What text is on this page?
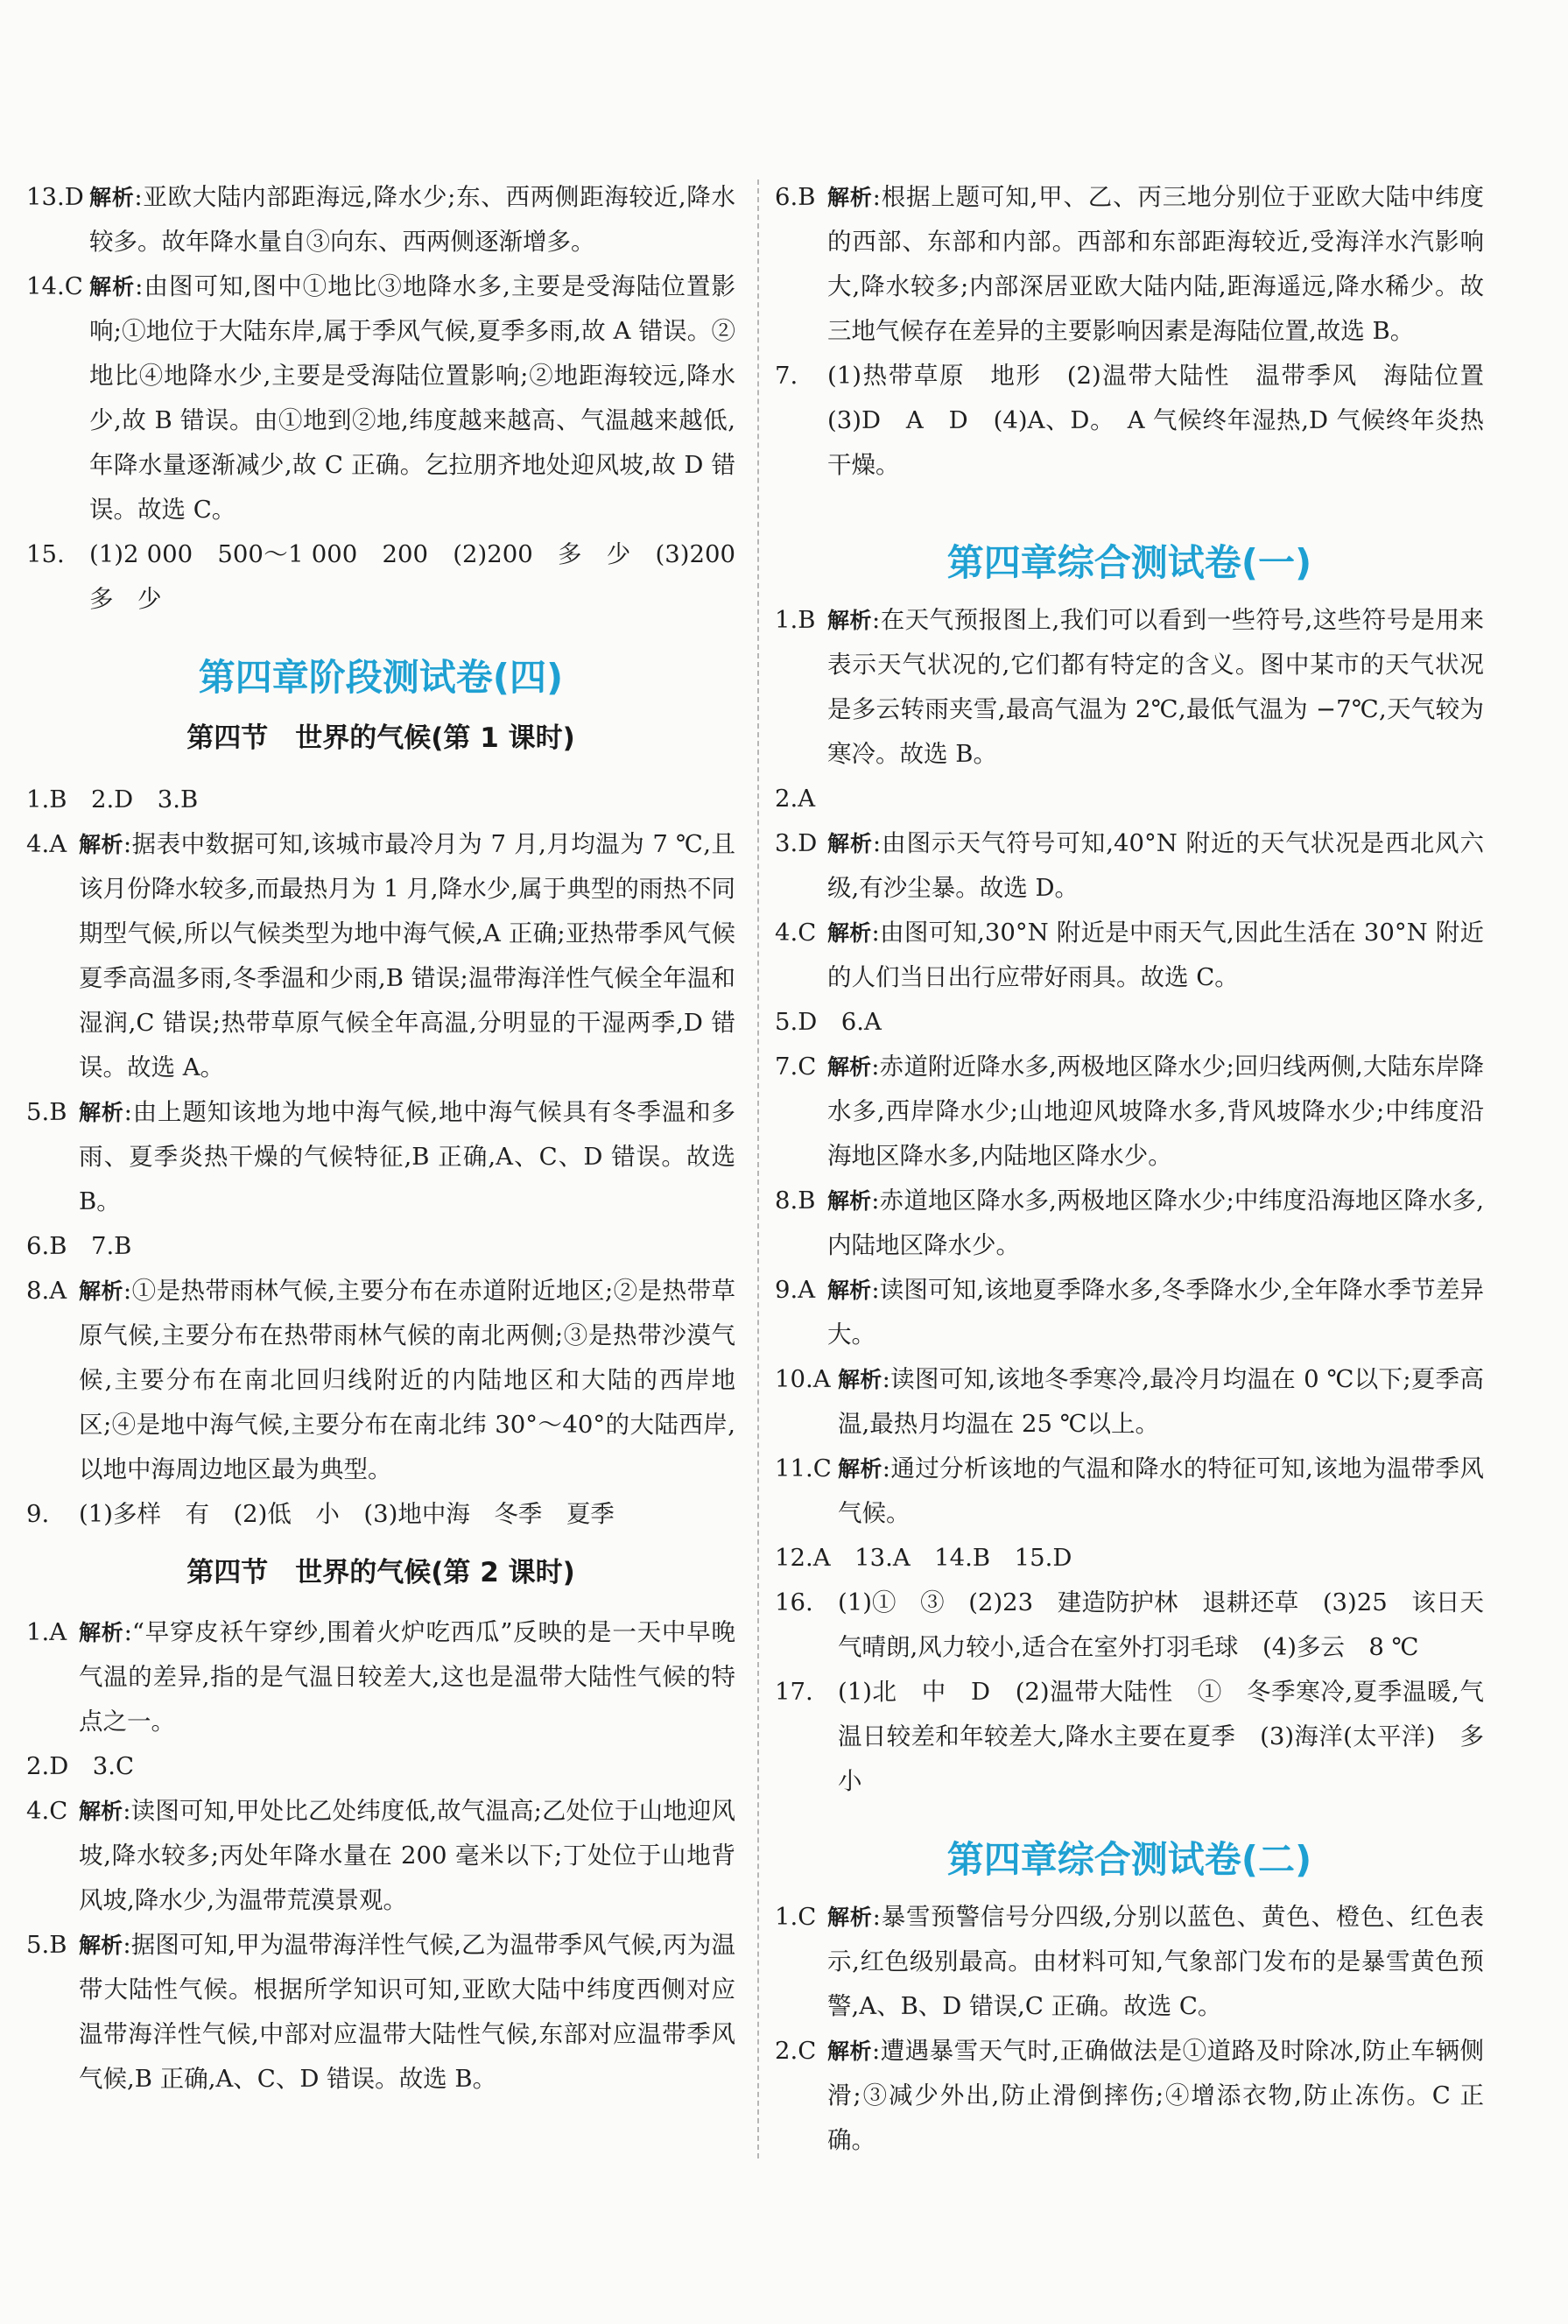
13.D 解析:亚欧大陆内部距海远,降水少;东、西两侧距海较近,降水较多。故年降水量自③向东、西两侧逐渐增多。
14.C 解析:由图可知,图中①地比③地降水多,主要是受海陆位置影响;①地位于大陆东岸,属于季风气候,夏季多雨,故 A 错误。②地比④地降水少,主要是受海陆位置影响;②地距海较远,降水少,故 B 错误。由①地到②地,纬度越来越高、气温越来越低,年降水量逐渐减少,故 C 正确。乞拉朋齐地处迎风坡,故 D 错误。故选 C。
15. (1)2 000　500～1 000　200　(2)200　多　少　(3)200　多　少
第四章阶段测试卷(四)
第四节　世界的气候(第 1 课时)
1.B　2.D　3.B
4.A 解析:据表中数据可知,该城市最冷月为 7 月,月均温为 7 ℃,且该月份降水较多,而最热月为 1 月,降水少,属于典型的雨热不同期型气候,所以气候类型为地中海气候,A 正确;亚热带季风气候夏季高温多雨,冬季温和少雨,B 错误;温带海洋性气候全年温和湿润,C 错误;热带草原气候全年高温,分明显的干湿两季,D 错误。故选 A。
5.B 解析:由上题知该地为地中海气候,地中海气候具有冬季温和多雨、夏季炎热干燥的气候特征,B 正确,A、C、D 错误。故选 B。
6.B　7.B
8.A 解析:①是热带雨林气候,主要分布在赤道附近地区;②是热带草原气候,主要分布在热带雨林气候的南北两侧;③是热带沙漠气候,主要分布在南北回归线附近的内陆地区和大陆的西岸地区;④是地中海气候,主要分布在南北纬 30°～40°的大陆西岸,以地中海周边地区最为典型。
9. (1)多样　有　(2)低　小　(3)地中海　冬季　夏季
第四节　世界的气候(第 2 课时)
1.A 解析:“早穿皮袄午穿纱,围着火炉吃西瓜”反映的是一天中早晚气温的差异,指的是气温日较差大,这也是温带大陆性气候的特点之一。
2.D　3.C
4.C 解析:读图可知,甲处比乙处纬度低,故气温高;乙处位于山地迎风坡,降水较多;丙处年降水量在 200 毫米以下;丁处位于山地背风坡,降水少,为温带荒漠景观。
5.B 解析:据图可知,甲为温带海洋性气候,乙为温带季风气候,丙为温带大陆性气候。根据所学知识可知,亚欧大陆中纬度西侧对应温带海洋性气候,中部对应温带大陆性气候,东部对应温带季风气候,B 正确,A、C、D 错误。故选 B。
6.B 解析:根据上题可知,甲、乙、丙三地分别位于亚欧大陆中纬度的西部、东部和内部。西部和东部距海较近,受海洋水汽影响大,降水较多;内部深居亚欧大陆内陆,距海遥远,降水稀少。故三地气候存在差异的主要影响因素是海陆位置,故选 B。
7. (1)热带草原　地形　(2)温带大陆性　温带季风　海陆位置　(3)D　A　D　(4)A、D。　A 气候终年湿热,D 气候终年炎热干燥。
第四章综合测试卷(一)
1.B 解析:在天气预报图上,我们可以看到一些符号,这些符号是用来表示天气状况的,它们都有特定的含义。图中某市的天气状况是多云转雨夹雪,最高气温为 2℃,最低气温为 −7℃,天气较为寒冷。故选 B。
2.A
3.D 解析:由图示天气符号可知,40°N 附近的天气状况是西北风六级,有沙尘暴。故选 D。
4.C 解析:由图可知,30°N 附近是中雨天气,因此生活在 30°N 附近的人们当日出行应带好雨具。故选 C。
5.D　6.A
7.C 解析:赤道附近降水多,两极地区降水少;回归线两侧,大陆东岸降水多,西岸降水少;山地迎风坡降水多,背风坡降水少;中纬度沿海地区降水多,内陆地区降水少。
8.B 解析:赤道地区降水多,两极地区降水少;中纬度沿海地区降水多,内陆地区降水少。
9.A 解析:读图可知,该地夏季降水多,冬季降水少,全年降水季节差异大。
10.A 解析:读图可知,该地冬季寒冷,最冷月均温在 0 ℃以下;夏季高温,最热月均温在 25 ℃以上。
11.C 解析:通过分析该地的气温和降水的特征可知,该地为温带季风气候。
12.A　13.A　14.B　15.D
16. (1)①　③　(2)23　建造防护林　退耕还草　(3)25　该日天气晴朗,风力较小,适合在室外打羽毛球　(4)多云　8 ℃
17. (1)北　中　D　(2)温带大陆性　①　冬季寒冷,夏季温暖,气温日较差和年较差大,降水主要在夏季　(3)海洋(太平洋)　多　小
第四章综合测试卷(二)
1.C 解析:暴雪预警信号分四级,分别以蓝色、黄色、橙色、红色表示,红色级别最高。由材料可知,气象部门发布的是暴雪黄色预警,A、B、D 错误,C 正确。故选 C。
2.C 解析:遭遇暴雪天气时,正确做法是①道路及时除冰,防止车辆侧滑;③减少外出,防止滑倒摔伤;④增添衣物,防止冻伤。C 正确。
